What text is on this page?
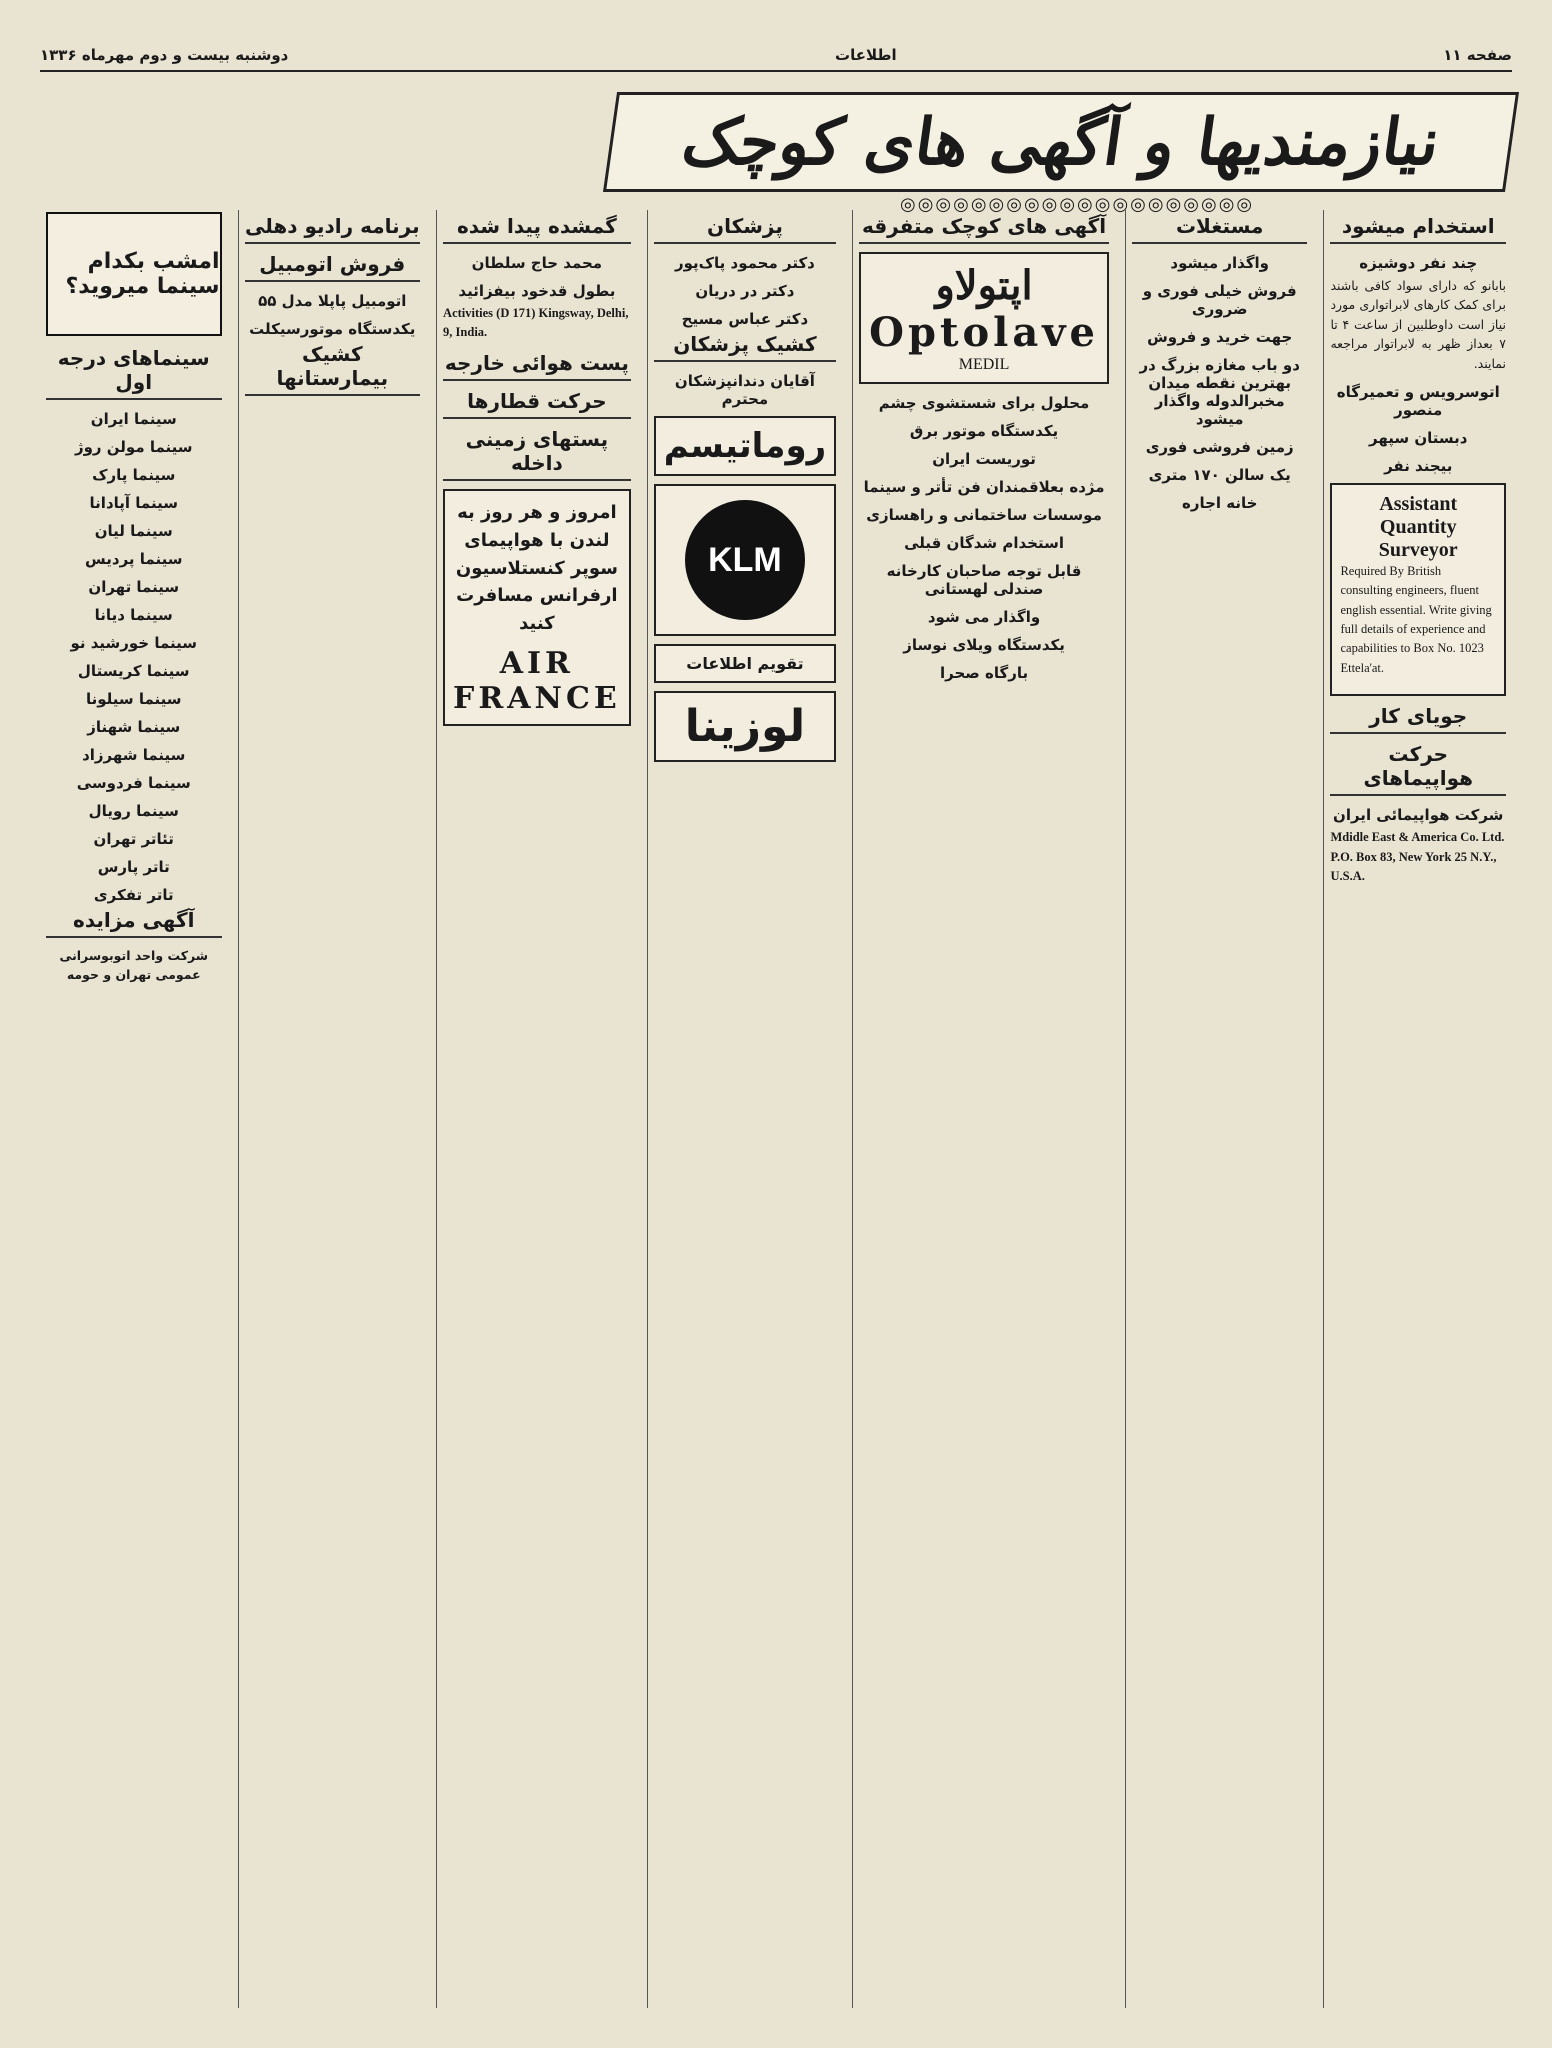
صفحه ۱۱
اطلاعات
دوشنبه بیست و دوم مهرماه ۱۳۳۶
نیازمندیها و آگهی های کوچک
◎◎◎◎◎◎◎◎◎◎◎◎◎◎◎◎◎◎◎◎
استخدام میشود
چند نفر دوشیزه

بابانو که دارای سواد کافی باشند برای کمک کارهای لابراتواری مورد نیاز است داوطلبین از ساعت ۴ تا ۷ بعداز ظهر به لابراتوار مراجعه نمایند.

اتوسرویس و تعمیرگاه منصور
دبستان سپهر
بیجند نفر
Assistant Quantity Surveyor

Required By British consulting engineers, fluent english essential. Write giving full details of experience and capabilities to Box No. 1023 Ettela'at.

جویای کار
حرکت هواپیماهای
شرکت هواپیمائی ایران

Mdidle East & America Co. Ltd. P.O. Box 83, New York 25 N.Y., U.S.A.

مستغلات
واگذار میشود
فروش خیلی فوری و ضروری
جهت خرید و فروش
دو باب مغازه بزرگ در بهترین نقطه میدان مخبرالدوله واگذار میشود
زمین فروشی فوری
یک سالن ۱۷۰ متری
خانه اجاره
آگهی های کوچک متفرقه
اپتولاو
Optolave
MEDIL
محلول برای شستشوی چشم
یکدستگاه موتور برق
توریست ایران
مژده بعلاقمندان فن تأتر و سینما
موسسات ساختمانی و راهسازی
استخدام شدگان قبلی
قابل توجه صاحبان کارخانه صندلی لهستانی
واگذار می شود
یکدستگاه ویلای نوساز
بارگاه صحرا
پزشکان
دکتر محمود پاک‌پور
دکتر در دریان
دکتر عباس مسیح
کشیک پزشکان
آقایان دندانپزشکان محترم
روماتیسم
KLM
تقویم اطلاعات
لوزینا
گمشده پیدا شده
محمد حاج سلطان
بطول قدخود بیفزائید

Activities (D 171) Kingsway, Delhi, 9, India.

پست هوائی خارجه
حرکت قطارها
پستهای زمینی داخله

امروز و هر روز به لندن با هواپیمای سوپر کنستلاسیون ارفرانس مسافرت کنید

AIR FRANCE
برنامه رادیو دهلی
فروش اتومبیل
اتومبیل پاپلا مدل ۵۵
یکدستگاه موتورسیکلت
کشیک بیمارستانها
امشب بکدام سینما میروید؟
سینماهای درجه اول
سینما ایران
سینما مولن روژ
سینما پارک
سینما آپادانا
سینما لیان
سینما پردیس
سینما تهران
سینما دیانا
سینما خورشید نو
سینما کریستال
سینما سیلونا
سینما شهناز
سینما شهرزاد
سینما فردوسی
سینما رویال
تئاتر تهران
تاتر پارس
تاتر تفکری
آگهی مزایده

شرکت واحد اتوبوسرانی عمومی تهران و حومه
